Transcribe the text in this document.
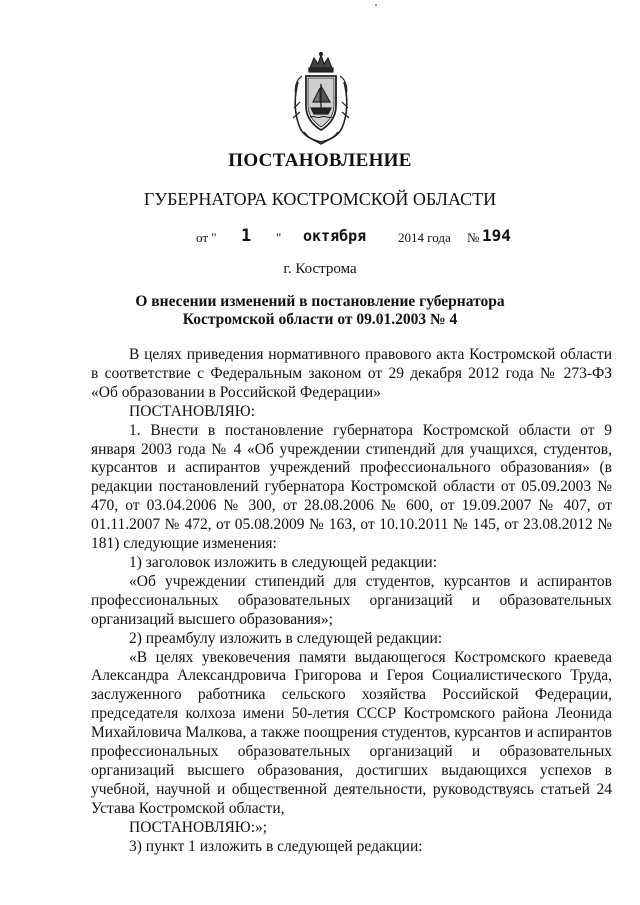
ПОСТАНОВЛЕНИЕ
ГУБЕРНАТОРА КОСТРОМСКОЙ ОБЛАСТИ
от " 1 " октября 2014 года № 194
г. Кострома
О внесении изменений в постановление губернатора
Костромской области от 09.01.2003 № 4

В целях приведения нормативного правового акта Костромской области в соответствие с Федеральным законом от 29 декабря 2012 года № 273-ФЗ «Об образовании в Российской Федерации»

ПОСТАНОВЛЯЮ:

1. Внести в постановление губернатора Костромской области от 9 января 2003 года № 4 «Об учреждении стипендий для учащихся, студентов, курсантов и аспирантов учреждений профессионального образования» (в редакции постановлений губернатора Костромской области от 05.09.2003 № 470, от 03.04.2006 № 300, от 28.08.2006 № 600, от 19.09.2007 № 407, от 01.11.2007 № 472, от 05.08.2009 № 163, от 10.10.2011 № 145, от 23.08.2012 № 181) следующие изменения:

1) заголовок изложить в следующей редакции:

«Об учреждении стипендий для студентов, курсантов и аспирантов профессиональных образовательных организаций и образовательных организаций высшего образования»;

2) преамбулу изложить в следующей редакции:

«В целях увековечения памяти выдающегося Костромского краеведа Александра Александровича Григорова и Героя Социалистического Труда, заслуженного работника сельского хозяйства Российской Федерации, председателя колхоза имени 50-летия СССР Костромского района Леонида Михайловича Малкова, а также поощрения студентов, курсантов и аспирантов профессиональных образовательных организаций и образовательных организаций высшего образования, достигших выдающихся успехов в учебной, научной и общественной деятельности, руководствуясь статьей 24 Устава Костромской области,

ПОСТАНОВЛЯЮ:»;

3) пункт 1 изложить в следующей редакции:
